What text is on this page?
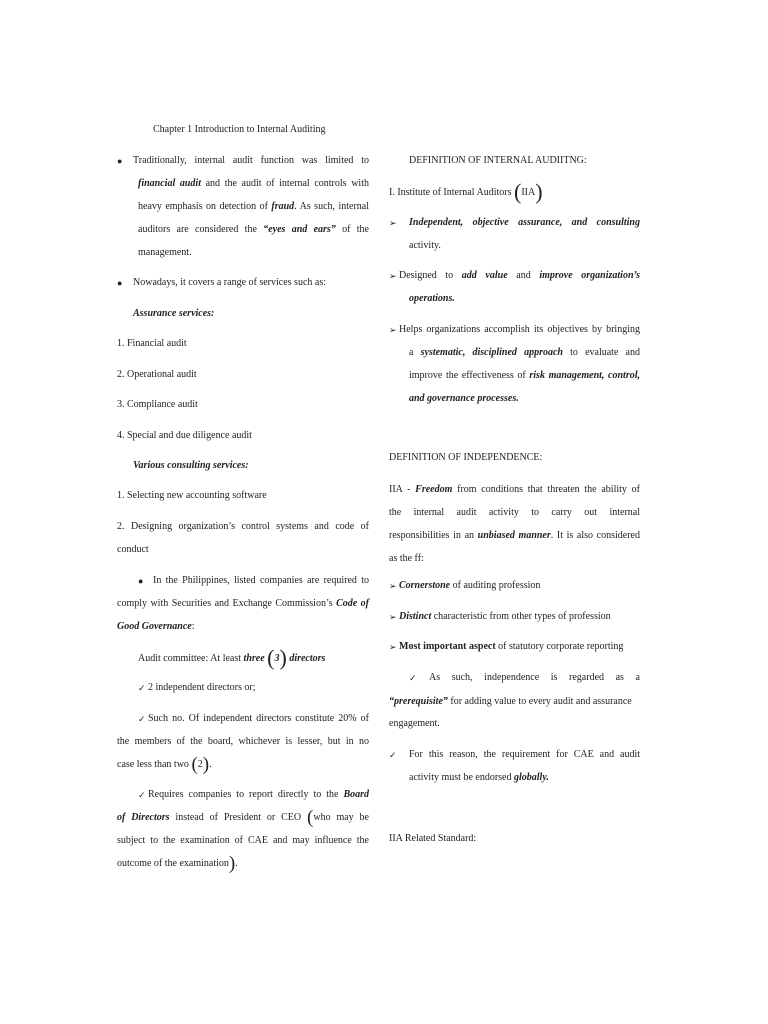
Chapter 1 Introduction to Internal Auditing
● Traditionally, internal audit function was limited to
financial audit and the audit of internal controls with
heavy emphasis on detection of fraud. As such, internal
auditors are considered the “eyes and ears” of the
management.
● Nowadays, it covers a range of services such as:
Assurance services:
1. Financial audit
2. Operational audit
3. Compliance audit
4. Special and due diligence audit
Various consulting services:
1. Selecting new accounting software
2. Designing organization’s control systems and code of
conduct
● In the Philippines, listed companies are required to
comply with Securities and Exchange Commission’s Code of
Good Governance:
Audit committee: At least three (3) directors
✓ 2 independent directors or;
✓ Such no. Of independent directors constitute 20% of
the members of the board, whichever is lesser, but in no
case less than two (2).
✓ Requires companies to report directly to the Board
of Directors instead of President or CEO (who may be
subject to the examination of CAE and may influence the
outcome of the examination).
DEFINITION OF INTERNAL AUDIITNG:
I. Institute of Internal Auditors (IIA)
➢ Independent, objective assurance, and consulting
activity.
➢ Designed to add value and improve organization’s
operations.
➢ Helps organizations accomplish its objectives by bringing
a systematic, disciplined approach to evaluate and
improve the effectiveness of risk management, control,
and governance processes.
DEFINITION OF INDEPENDENCE:
IIA - Freedom from conditions that threaten the ability of
the internal audit activity to carry out internal
responsibilities in an unbiased manner. It is also considered
as the ff:
➢ Cornerstone of auditing profession
➢ Distinct characteristic from other types of profession
➢ Most important aspect of statutory corporate reporting
✓ As such, independence is regarded as a
“prerequisite” for adding value to every audit and assurance
engagement.
✓ For this reason, the requirement for CAE and audit
activity must be endorsed globally.
IIA Related Standard:
